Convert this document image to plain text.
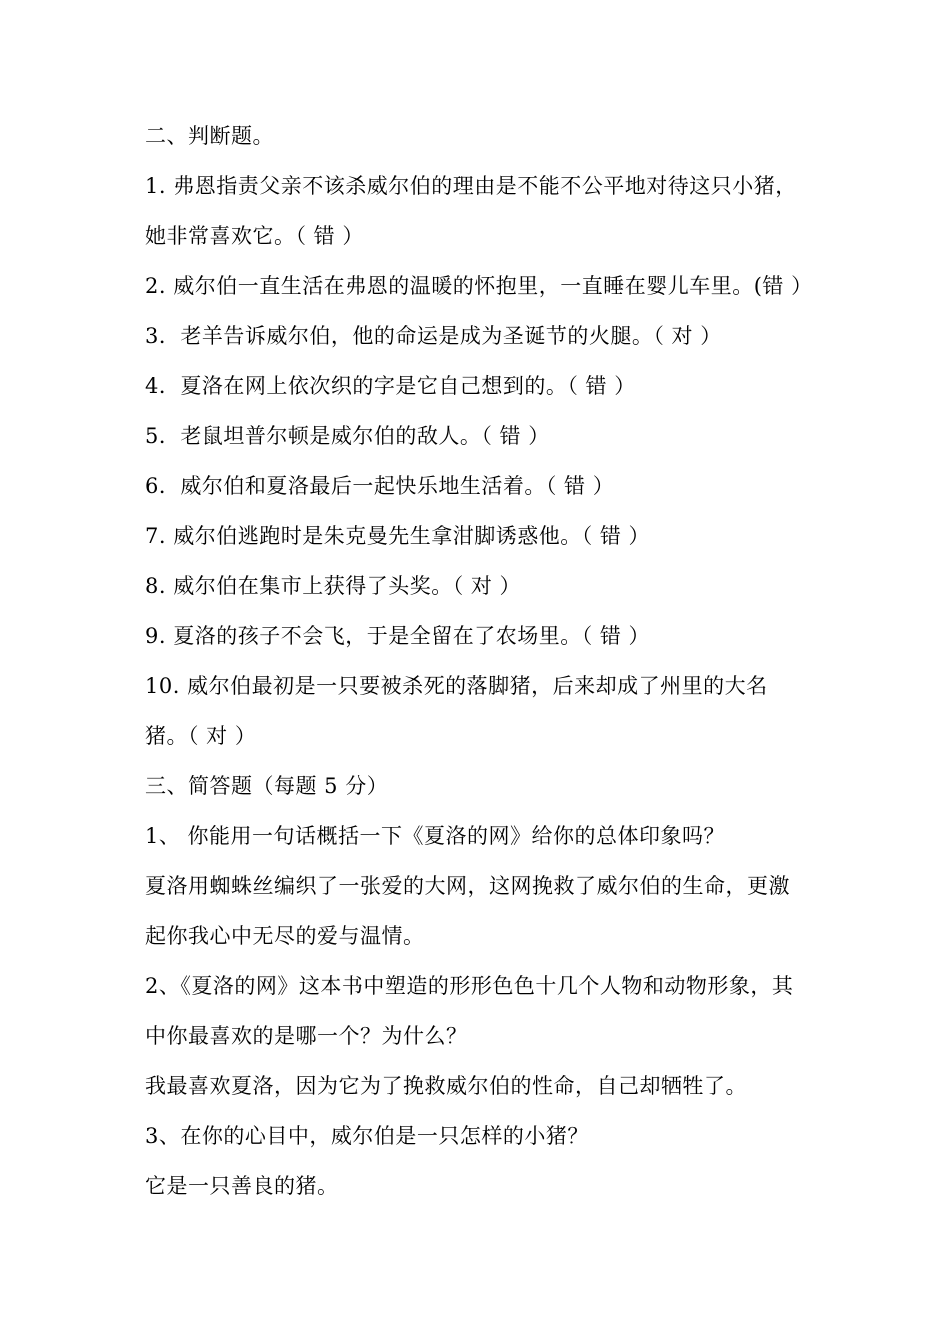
二、判断题。
1. 弗恩指责父亲不该杀威尔伯的理由是不能不公平地对待这只小猪，
她非常喜欢它。（ 错 ）
2. 威尔伯一直生活在弗恩的温暖的怀抱里，一直睡在婴儿车里。(错 ）
3．老羊告诉威尔伯，他的命运是成为圣诞节的火腿。（ 对 ）
4．夏洛在网上依次织的字是它自己想到的。（ 错 ）
5．老鼠坦普尔顿是威尔伯的敌人。（ 错 ）
6．威尔伯和夏洛最后一起快乐地生活着。（ 错 ）
7. 威尔伯逃跑时是朱克曼先生拿泔脚诱惑他。（ 错 ）
8. 威尔伯在集市上获得了头奖。（ 对 ）
9. 夏洛的孩子不会飞，于是全留在了农场里。（ 错 ）
10. 威尔伯最初是一只要被杀死的落脚猪，后来却成了州里的大名
猪。（ 对 ）
三、简答题（每题 5 分）
1、 你能用一句话概括一下《夏洛的网》给你的总体印象吗？
夏洛用蜘蛛丝编织了一张爱的大网，这网挽救了威尔伯的生命，更激
起你我心中无尽的爱与温情。
2、《夏洛的网》这本书中塑造的形形色色十几个人物和动物形象，其
中你最喜欢的是哪一个？为什么？
我最喜欢夏洛，因为它为了挽救威尔伯的性命，自己却牺牲了。
3、在你的心目中，威尔伯是一只怎样的小猪？
它是一只善良的猪。
